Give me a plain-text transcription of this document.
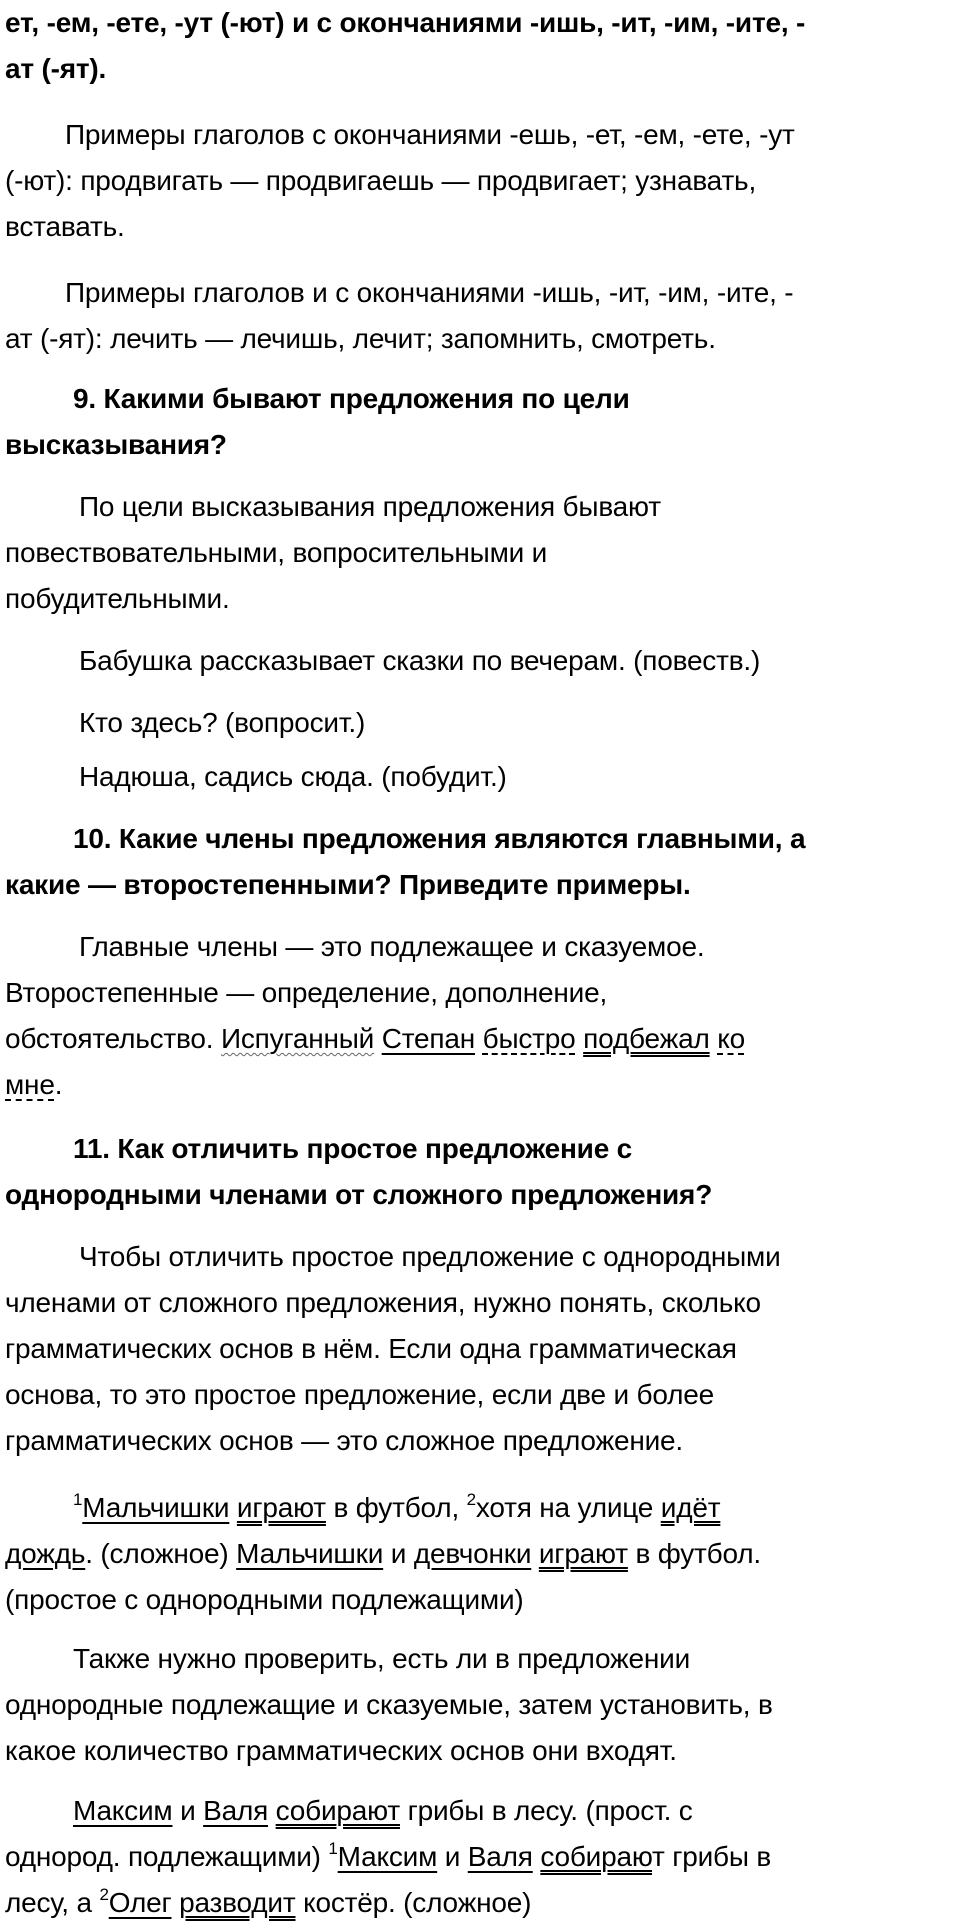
ет, -ем, -ете, -ут (-ют) и с окончаниями -ишь, -ит, -им, -ите, -
ат (-ят).

Примеры глаголов с окончаниями -ешь, -ет, -ем, -ете, -ут
(-ют): продвигать — продвигаешь — продвигает; узнавать,
вставать.

Примеры глаголов и с окончаниями -ишь, -ит, -им, -ите, -
ат (-ят): лечить — лечишь, лечит; запомнить, смотреть.

9. Какими бывают предложения по цели
высказывания?

По цели высказывания предложения бывают
повествовательными, вопросительными и
побудительными.

Бабушка рассказывает сказки по вечерам. (повеств.)

Кто здесь? (вопросит.)

Надюша, садись сюда. (побудит.)

10. Какие члены предложения являются главными, а
какие — второстепенными? Приведите примеры.

Главные члены — это подлежащее и сказуемое.
Второстепенные — определение, дополнение,
обстоятельство. Испуганный Степан быстро подбежал ко
мне.

11. Как отличить простое предложение с
однородными членами от сложного предложения?

Чтобы отличить простое предложение с однородными
членами от сложного предложения, нужно понять, сколько
грамматических основ в нём. Если одна грамматическая
основа, то это простое предложение, если две и более
грамматических основ — это сложное предложение.

$^1$Мальчишки играют в футбол, $^2$хотя на улице идёт
дождь. (сложное) Мальчишки и девчонки играют в футбол.
(простое с однородными подлежащими)

Также нужно проверить, есть ли в предложении
однородные подлежащие и сказуемые, затем установить, в
какое количество грамматических основ они входят.

Максим и Валя собирают грибы в лесу. (прост. с
однород. подлежащими) $^1$Максим и Валя собирают грибы в
лесу, а $^2$Олег разводит костёр. (сложное)
